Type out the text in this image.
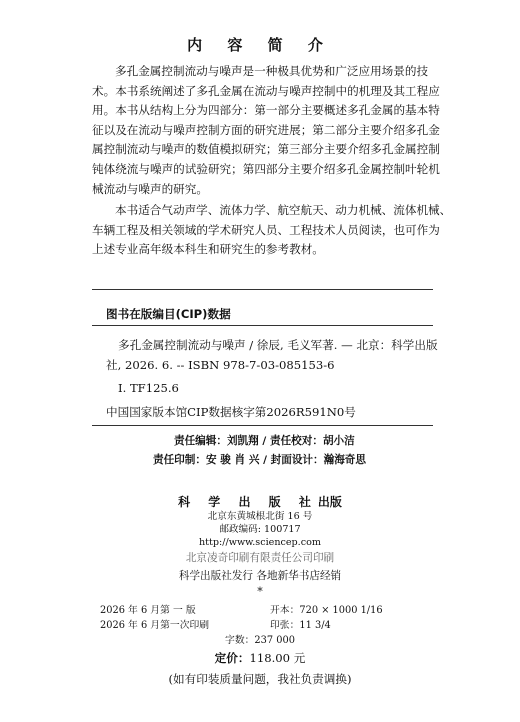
内 容 简 介
多孔金属控制流动与噪声是一种极具优势和广泛应用场景的技
术。本书系统阐述了多孔金属在流动与噪声控制中的机理及其工程应
用。本书从结构上分为四部分：第一部分主要概述多孔金属的基本特
征以及在流动与噪声控制方面的研究进展；第二部分主要介绍多孔金
属控制流动与噪声的数值模拟研究；第三部分主要介绍多孔金属控制
钝体绕流与噪声的试验研究；第四部分主要介绍多孔金属控制叶轮机
械流动与噪声的研究。
本书适合气动声学、流体力学、航空航天、动力机械、流体机械、
车辆工程及相关领域的学术研究人员、工程技术人员阅读，也可作为
上述专业高年级本科生和研究生的参考教材。
图书在版编目(CIP)数据
多孔金属控制流动与噪声 / 徐辰, 毛义军著. — 北京：科学出版
社, 2026. 6. -- ISBN 978-7-03-085153-6
Ⅰ. TF125.6
中国国家版本馆CIP数据核字第2026R591N0号
责任编辑：刘凯翔 / 责任校对：胡小洁
责任印制：安 骏 肖 兴 / 封面设计：瀚海奇思
科 学 出 版 社出版
北京东黄城根北街 16 号
邮政编码: 100717
http://www.sciencep.com
北京凌奇印刷有限责任公司印刷
科学出版社发行 各地新华书店经销
*
2026 年 6 月第 一 版	开本：720 × 1000 1/16
2026 年 6 月第一次印刷	印张：11 3/4
字数：237 000
定价：118.00 元
(如有印装质量问题，我社负责调换)
